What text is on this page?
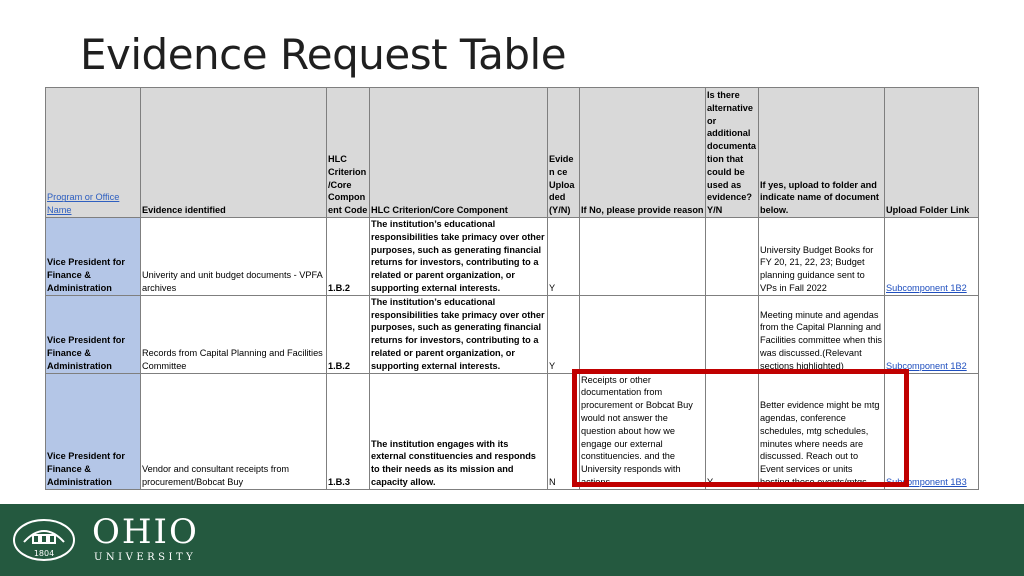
Evidence Request Table
Program or Office Name	Evidence identified	HLC Criterion /Core Compon ent Code	HLC Criterion/Core Component	Eviden ce Uploa ded (Y/N)	If No, please provide reason	Is there alternative or additional documenta tion that could be used as evidence? Y/N	If yes, upload to folder and indicate name of document below.	Upload Folder Link
Vice President for Finance & Administration	Univerity and unit budget documents - VPFA archives	1.B.2	The institution’s educational responsibilities take primacy over other purposes, such as generating financial returns for investors, contributing to a related or parent organization, or supporting external interests.	Y			University Budget Books for FY 20, 21, 22, 23; Budget planning guidance sent to VPs in Fall 2022	Subcomponent 1B2
Vice President for Finance & Administration	Records from Capital Planning and Facilities Committee	1.B.2	The institution’s educational responsibilities take primacy over other purposes, such as generating financial returns for investors, contributing to a related or parent organization, or supporting external interests.	Y			Meeting minute and agendas from the Capital Planning and Facilities committee when this was discussed.(Relevant sections highlighted)	Subcomponent 1B2
Vice President for Finance & Administration	Vendor and consultant receipts from procurement/Bobcat Buy	1.B.3	The institution engages with its external constituencies and responds to their needs as its mission and capacity allow.	N	Receipts or other documentation from procurement or Bobcat Buy would not answer the question about how we engage our external constituencies. and the University responds with actions.	Y	Better evidence might be mtg agendas, conference schedules, mtg schedules, minutes where needs are discussed. Reach out to Event services or units hosting these events/mtgs	Subcomponent 1B3
1804
OHIO
UNIVERSITY
